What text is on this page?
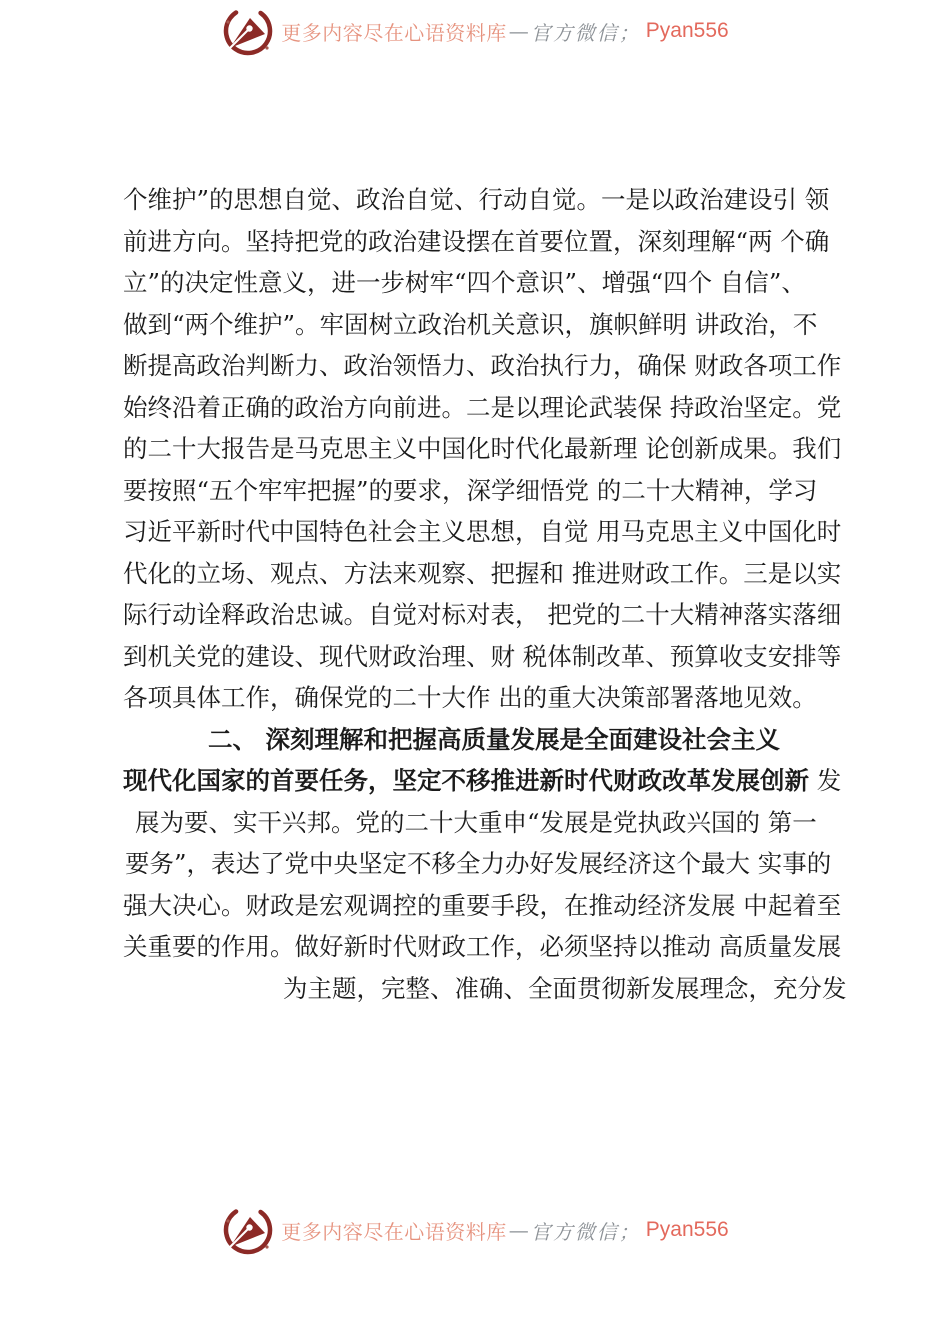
更多内容尽在心语资料库 — 官方微信； Pyan556
个维护”的思想自觉、政治自觉、行动自觉。一是以政治建设引 领
前进方向。坚持把党的政治建设摆在首要位置，深刻理解“两 个确
立”的决定性意义，进一步树牢“四个意识”、增强“四个 自信”、
做到“两个维护”。牢固树立政治机关意识，旗帜鲜明 讲政治，不
断提高政治判断力、政治领悟力、政治执行力，确保 财政各项工作
始终沿着正确的政治方向前进。二是以理论武装保 持政治坚定。党
的二十大报告是马克思主义中国化时代化最新理 论创新成果。我们
要按照“五个牢牢把握”的要求，深学细悟党 的二十大精神，学习
习近平新时代中国特色社会主义思想，自觉 用马克思主义中国化时
代化的立场、观点、方法来观察、把握和 推进财政工作。三是以实
际行动诠释政治忠诚。自觉对标对表， 把党的二十大精神落实落细
到机关党的建设、现代财政治理、财 税体制改革、预算收支安排等
各项具体工作，确保党的二十大作 出的重大决策部署落地见效。
二、 深刻理解和把握高质量发展是全面建设社会主义
现代化国家的首要任务，坚定不移推进新时代财政改革发展创新 发
展为要、实干兴邦。党的二十大重申“发展是党执政兴国的 第一
要务”，表达了党中央坚定不移全力办好发展经济这个最大 实事的
强大决心。财政是宏观调控的重要手段，在推动经济发展 中起着至
关重要的作用。做好新时代财政工作，必须坚持以推动 高质量发展
为主题，完整、准确、全面贯彻新发展理念，充分发
更多内容尽在心语资料库 — 官方微信； Pyan556
